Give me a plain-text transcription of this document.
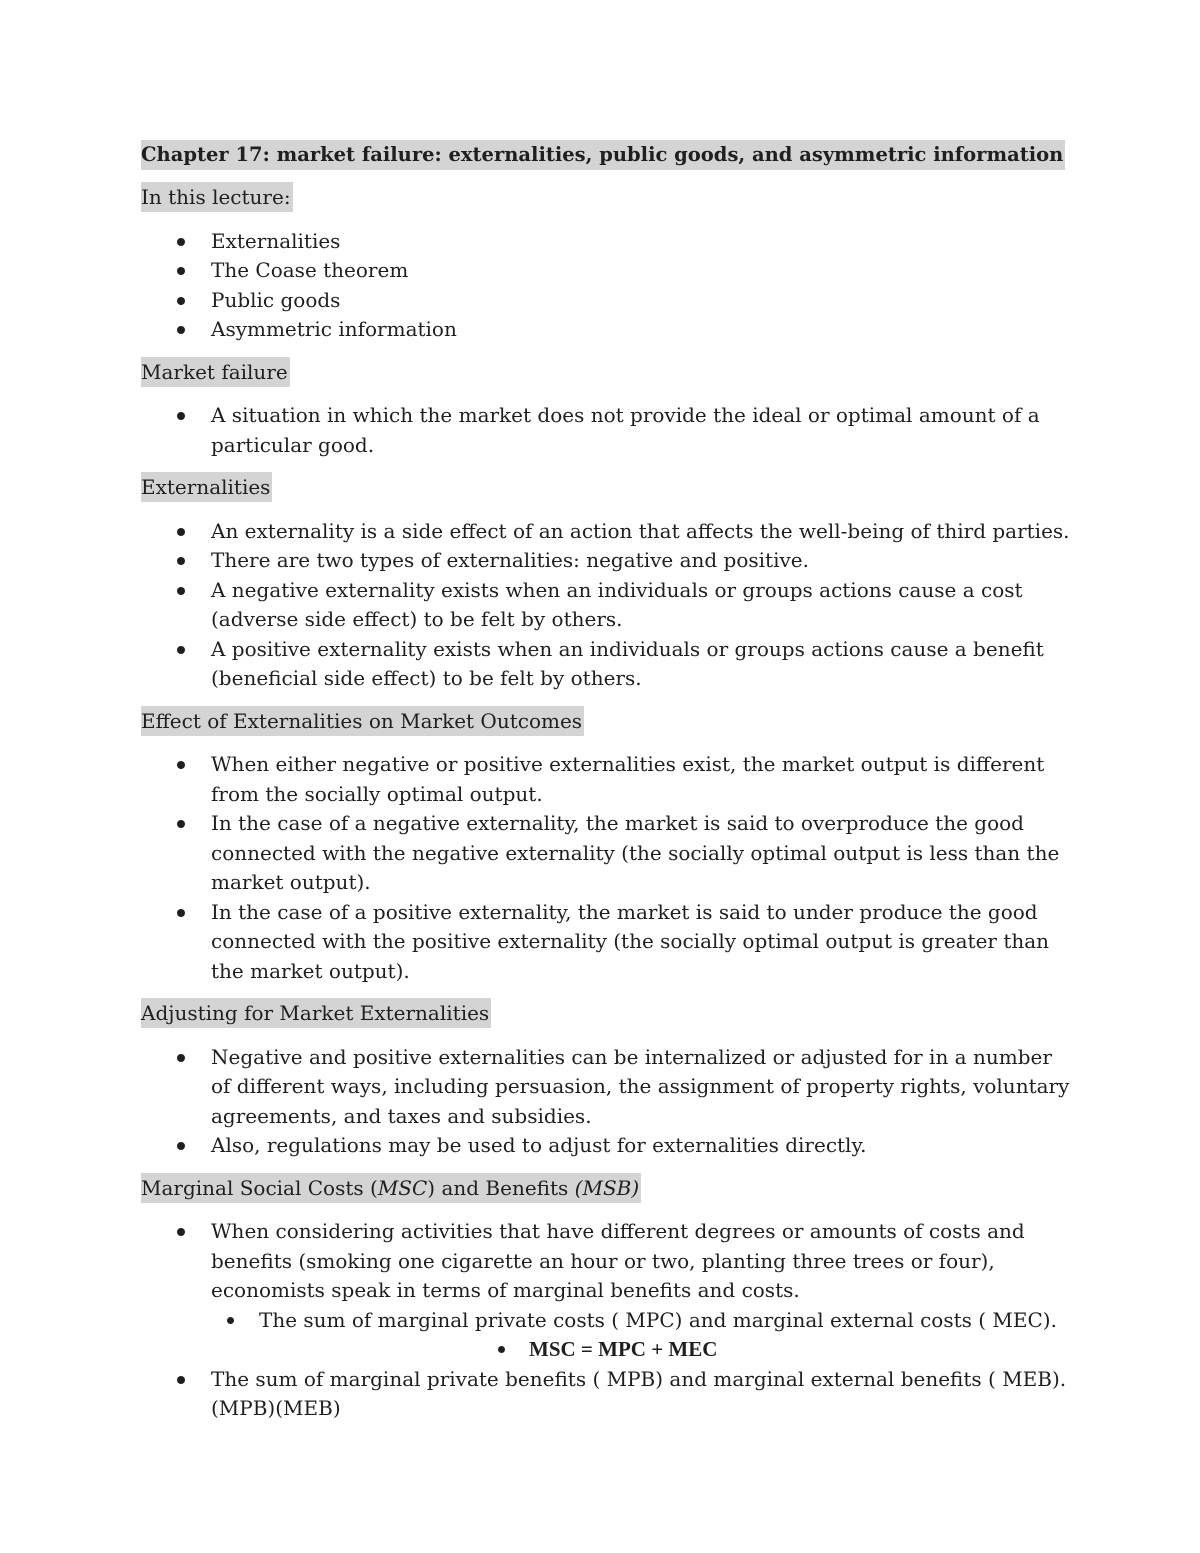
Chapter 17: market failure: externalities, public goods, and asymmetric information
In this lecture:
Externalities
The Coase theorem
Public goods
Asymmetric information
Market failure
A situation in which the market does not provide the ideal or optimal amount of a particular good.
Externalities
An externality is a side effect of an action that affects the well-being of third parties.
There are two types of externalities: negative and positive.
A negative externality exists when an individuals or groups actions cause a cost (adverse side effect) to be felt by others.
A positive externality exists when an individuals or groups actions cause a benefit (beneficial side effect) to be felt by others.
Effect of Externalities on Market Outcomes
When either negative or positive externalities exist, the market output is different from the socially optimal output.
In the case of a negative externality, the market is said to overproduce the good connected with the negative externality (the socially optimal output is less than the market output).
In the case of a positive externality, the market is said to under produce the good connected with the positive externality (the socially optimal output is greater than the market output).
Adjusting for Market Externalities
Negative and positive externalities can be internalized or adjusted for in a number of different ways, including persuasion, the assignment of property rights, voluntary agreements, and taxes and subsidies.
Also, regulations may be used to adjust for externalities directly.
Marginal Social Costs (MSC) and Benefits (MSB)
When considering activities that have different degrees or amounts of costs and benefits (smoking one cigarette an hour or two, planting three trees or four), economists speak in terms of marginal benefits and costs.
The sum of marginal private costs ( MPC) and marginal external costs ( MEC).
MSC = MPC + MEC
The sum of marginal private benefits ( MPB) and marginal external benefits ( MEB). (MPB)(MEB)
